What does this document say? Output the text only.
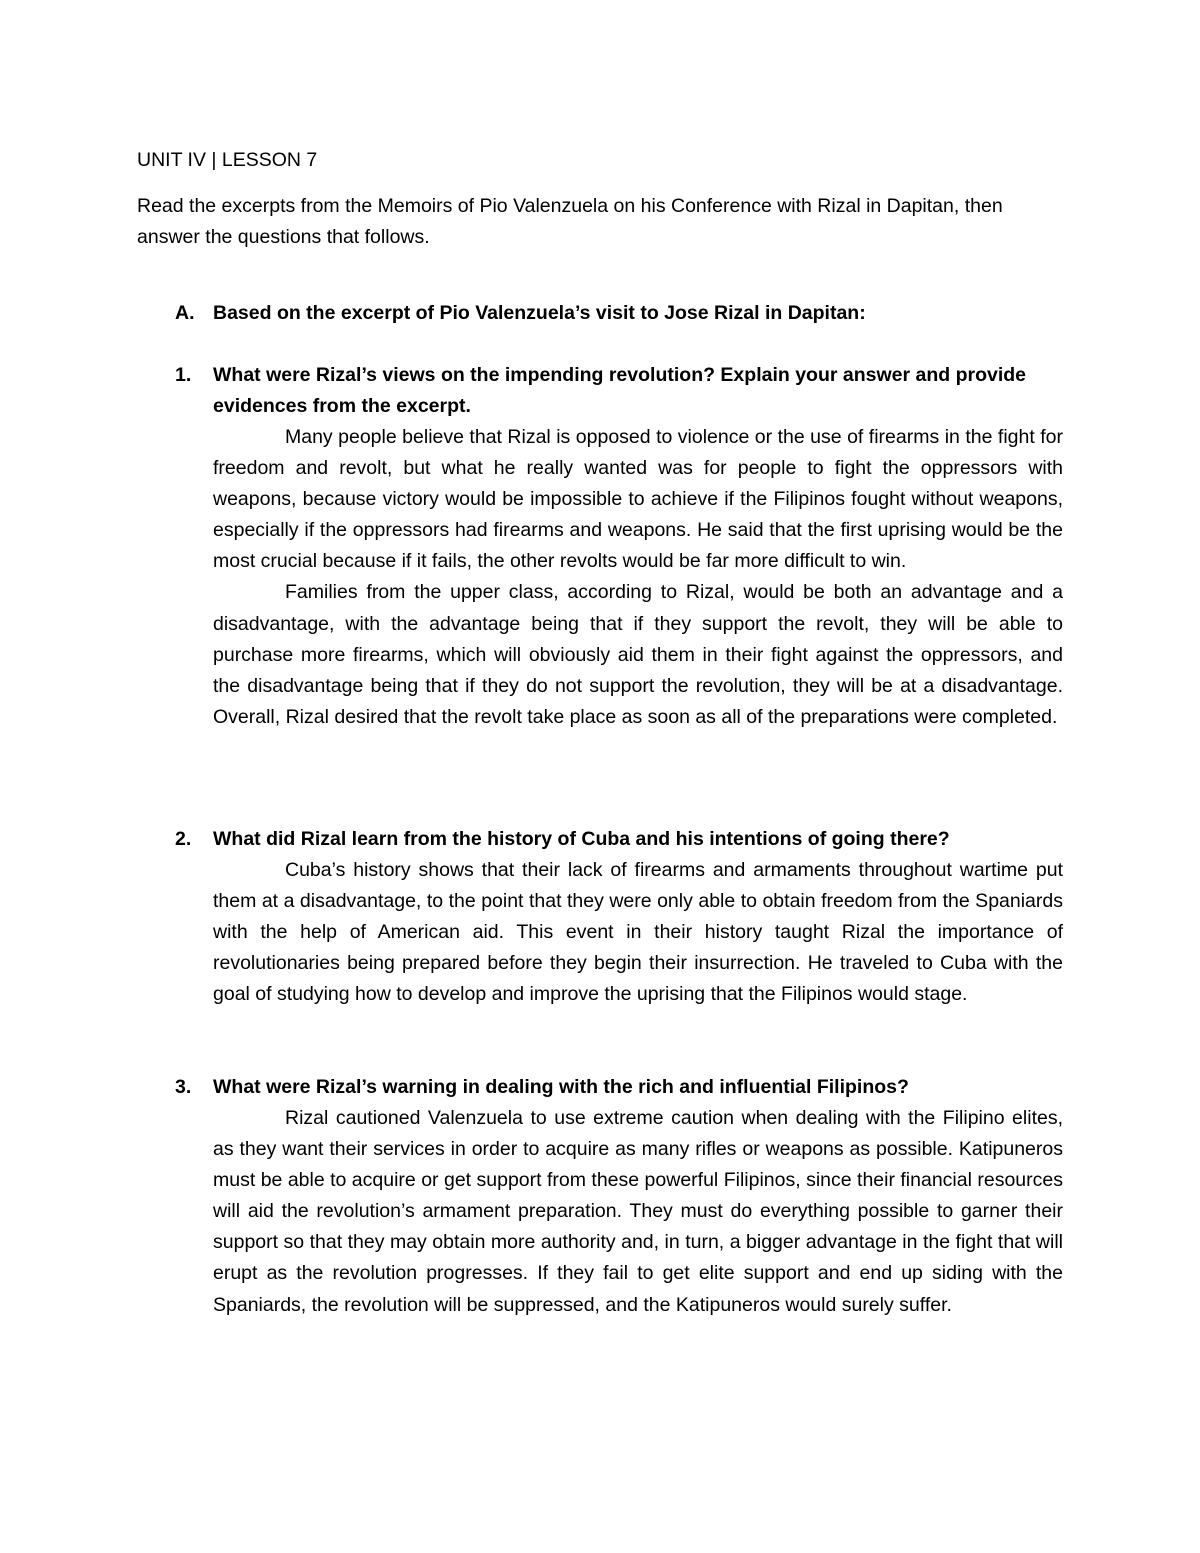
UNIT IV | LESSON 7
Read the excerpts from the Memoirs of Pio Valenzuela on his Conference with Rizal in Dapitan, then answer the questions that follows.
A. Based on the excerpt of Pio Valenzuela’s visit to Jose Rizal in Dapitan:
1. What were Rizal’s views on the impending revolution? Explain your answer and provide evidences from the excerpt.

Many people believe that Rizal is opposed to violence or the use of firearms in the fight for freedom and revolt, but what he really wanted was for people to fight the oppressors with weapons, because victory would be impossible to achieve if the Filipinos fought without weapons, especially if the oppressors had firearms and weapons. He said that the first uprising would be the most crucial because if it fails, the other revolts would be far more difficult to win.

Families from the upper class, according to Rizal, would be both an advantage and a disadvantage, with the advantage being that if they support the revolt, they will be able to purchase more firearms, which will obviously aid them in their fight against the oppressors, and the disadvantage being that if they do not support the revolution, they will be at a disadvantage. Overall, Rizal desired that the revolt take place as soon as all of the preparations were completed.

2. What did Rizal learn from the history of Cuba and his intentions of going there?

Cuba’s history shows that their lack of firearms and armaments throughout wartime put them at a disadvantage, to the point that they were only able to obtain freedom from the Spaniards with the help of American aid. This event in their history taught Rizal the importance of revolutionaries being prepared before they begin their insurrection. He traveled to Cuba with the goal of studying how to develop and improve the uprising that the Filipinos would stage.

3. What were Rizal’s warning in dealing with the rich and influential Filipinos?

Rizal cautioned Valenzuela to use extreme caution when dealing with the Filipino elites, as they want their services in order to acquire as many rifles or weapons as possible. Katipuneros must be able to acquire or get support from these powerful Filipinos, since their financial resources will aid the revolution’s armament preparation. They must do everything possible to garner their support so that they may obtain more authority and, in turn, a bigger advantage in the fight that will erupt as the revolution progresses. If they fail to get elite support and end up siding with the Spaniards, the revolution will be suppressed, and the Katipuneros would surely suffer.
